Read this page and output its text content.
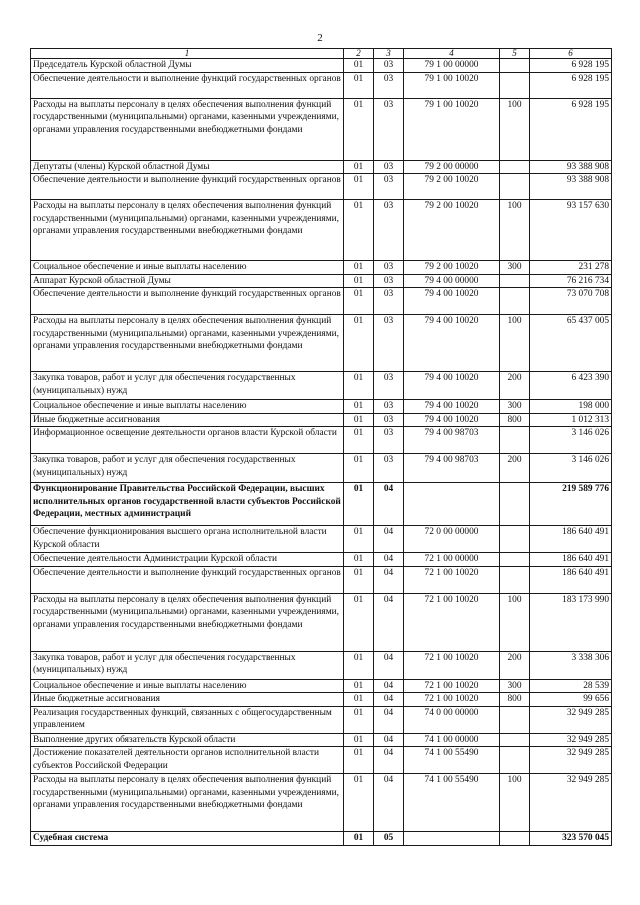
2
1	2	3	4	5	6
Председатель Курской областной Думы	01	03	79 1 00 00000		6 928 195
Обеспечение деятельности и выполнение функций государственных органов	01	03	79 1 00 10020		6 928 195
Расходы на выплаты персоналу в целях обеспечения выполнения функций государственными (муниципальными) органами, казенными учреждениями, органами управления государственными внебюджетными фондами	01	03	79 1 00 10020	100	6 928 195
Депутаты (члены) Курской областной Думы	01	03	79 2 00 00000		93 388 908
Обеспечение деятельности и выполнение функций государственных органов	01	03	79 2 00 10020		93 388 908
Расходы на выплаты персоналу в целях обеспечения выполнения функций государственными (муниципальными) органами, казенными учреждениями, органами управления государственными внебюджетными фондами	01	03	79 2 00 10020	100	93 157 630
Социальное обеспечение и иные выплаты населению	01	03	79 2 00 10020	300	231 278
Аппарат Курской областной Думы	01	03	79 4 00 00000		76 216 734
Обеспечение деятельности и выполнение функций государственных органов	01	03	79 4 00 10020		73 070 708
Расходы на выплаты персоналу в целях обеспечения выполнения функций государственными (муниципальными) органами, казенными учреждениями, органами управления государственными внебюджетными фондами	01	03	79 4 00 10020	100	65 437 005
Закупка товаров, работ и услуг для обеспечения государственных (муниципальных) нужд	01	03	79 4 00 10020	200	6 423 390
Социальное обеспечение и иные выплаты населению	01	03	79 4 00 10020	300	198 000
Иные бюджетные ассигнования	01	03	79 4 00 10020	800	1 012 313
Информационное освещение деятельности органов власти Курской области	01	03	79 4 00 98703		3 146 026
Закупка товаров, работ и услуг для обеспечения государственных (муниципальных) нужд	01	03	79 4 00 98703	200	3 146 026
Функционирование Правительства Российской Федерации, высших исполнительных органов государственной власти субъектов Российской Федерации, местных администраций	01	04			219 589 776
Обеспечение функционирования высшего органа исполнительной власти Курской области	01	04	72 0 00 00000		186 640 491
Обеспечение деятельности Администрации Курской области	01	04	72 1 00 00000		186 640 491
Обеспечение деятельности и выполнение функций государственных органов	01	04	72 1 00 10020		186 640 491
Расходы на выплаты персоналу в целях обеспечения выполнения функций государственными (муниципальными) органами, казенными учреждениями, органами управления государственными внебюджетными фондами	01	04	72 1 00 10020	100	183 173 990
Закупка товаров, работ и услуг для обеспечения государственных (муниципальных) нужд	01	04	72 1 00 10020	200	3 338 306
Социальное обеспечение и иные выплаты населению	01	04	72 1 00 10020	300	28 539
Иные бюджетные ассигнования	01	04	72 1 00 10020	800	99 656
Реализация государственных функций, связанных с общегосударственным управлением	01	04	74 0 00 00000		32 949 285
Выполнение других обязательств Курской области	01	04	74 1 00 00000		32 949 285
Достижение показателей деятельности органов исполнительной власти субъектов Российской Федерации	01	04	74 1 00 55490		32 949 285
Расходы на выплаты персоналу в целях обеспечения выполнения функций государственными (муниципальными) органами, казенными учреждениями, органами управления государственными внебюджетными фондами	01	04	74 1 00 55490	100	32 949 285
Судебная система	01	05			323 570 045
